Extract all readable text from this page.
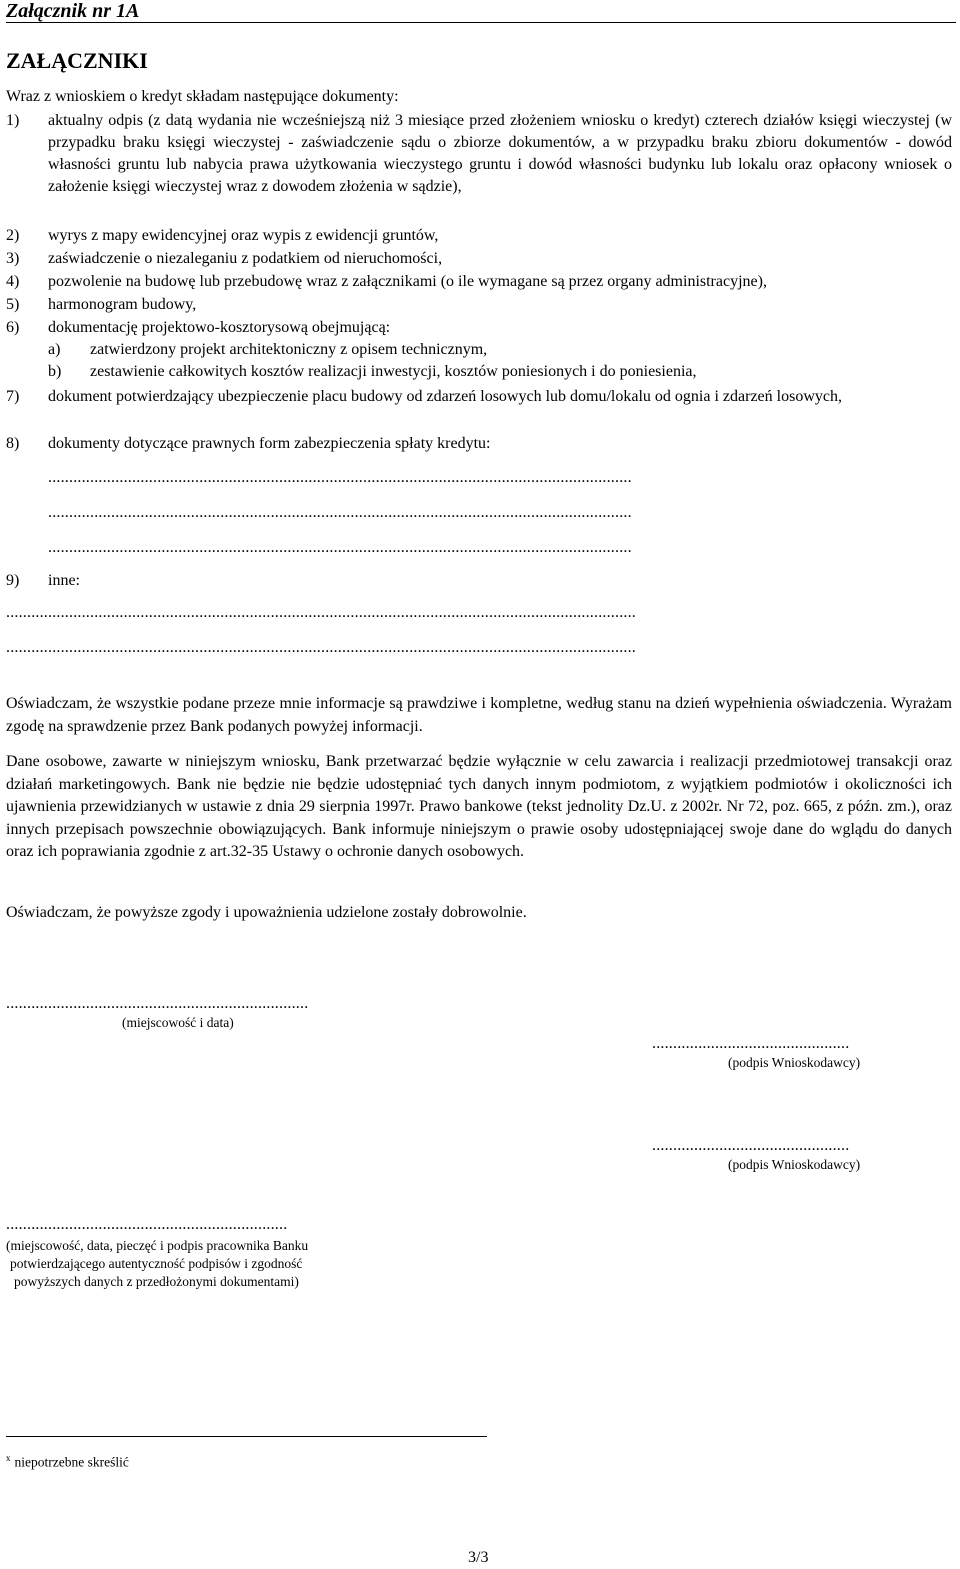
Załącznik nr 1A
ZAŁĄCZNIKI
Wraz z wnioskiem o kredyt składam następujące dokumenty:
1) aktualny odpis (z datą wydania nie wcześniejszą niż 3 miesiące przed złożeniem wniosku o kredyt) czterech działów księgi wieczystej (w przypadku braku księgi wieczystej - zaświadczenie sądu o zbiorze dokumentów, a w przypadku braku zbioru dokumentów - dowód własności gruntu lub nabycia prawa użytkowania wieczystego gruntu i dowód własności budynku lub lokalu oraz opłacony wniosek o założenie księgi wieczystej wraz z dowodem złożenia w sądzie),
2) wyrys z mapy ewidencyjnej oraz wypis z ewidencji gruntów,
3) zaświadczenie o niezaleganiu z podatkiem od nieruchomości,
4) pozwolenie na budowę lub przebudowę wraz z załącznikami (o ile wymagane są przez organy administracyjne),
5) harmonogram budowy,
6) dokumentację projektowo-kosztorysową obejmującą:
a) zatwierdzony projekt architektoniczny z opisem technicznym,
b) zestawienie całkowitych kosztów realizacji inwestycji, kosztów poniesionych i do poniesienia,
7) dokument potwierdzający ubezpieczenie placu budowy od zdarzeń losowych lub domu/lokalu od ognia i zdarzeń losowych,
8) dokumenty dotyczące prawnych form zabezpieczenia spłaty kredytu:
...........................................................................................................................................
...........................................................................................................................................
...........................................................................................................................................
9) inne:
......................................................................................................................................................
......................................................................................................................................................
Oświadczam, że wszystkie podane przeze mnie informacje są prawdziwe i kompletne, według stanu na dzień wypełnienia oświadczenia. Wyrażam zgodę na sprawdzenie przez Bank podanych powyżej informacji.
Dane osobowe, zawarte w niniejszym wniosku, Bank przetwarzać będzie wyłącznie w celu zawarcia i realizacji przedmiotowej transakcji oraz działań marketingowych. Bank nie będzie nie będzie udostępniać tych danych innym podmiotom, z wyjątkiem podmiotów i okoliczności ich ujawnienia przewidzianych w ustawie z dnia 29 sierpnia 1997r. Prawo bankowe (tekst jednolity Dz.U. z 2002r. Nr 72, poz. 665, z późn. zm.), oraz innych przepisach powszechnie obowiązujących. Bank informuje niniejszym o prawie osoby udostępniającej swoje dane do wglądu do danych oraz ich poprawiania zgodnie z art.32-35 Ustawy o ochronie danych osobowych.
Oświadczam, że powyższe zgody i upoważnienia udzielone zostały dobrowolnie.
........................................................................
(miejscowość i data)
...............................................
(podpis Wnioskodawcy)
...............................................
(podpis Wnioskodawcy)
...................................................................
(miejscowość, data, pieczęć i podpis pracownika Banku
potwierdzającego autentyczność podpisów i zgodność
powyższych danych z przedłożonymi dokumentami)
$^x$ niepotrzebne skreślić
3/3
